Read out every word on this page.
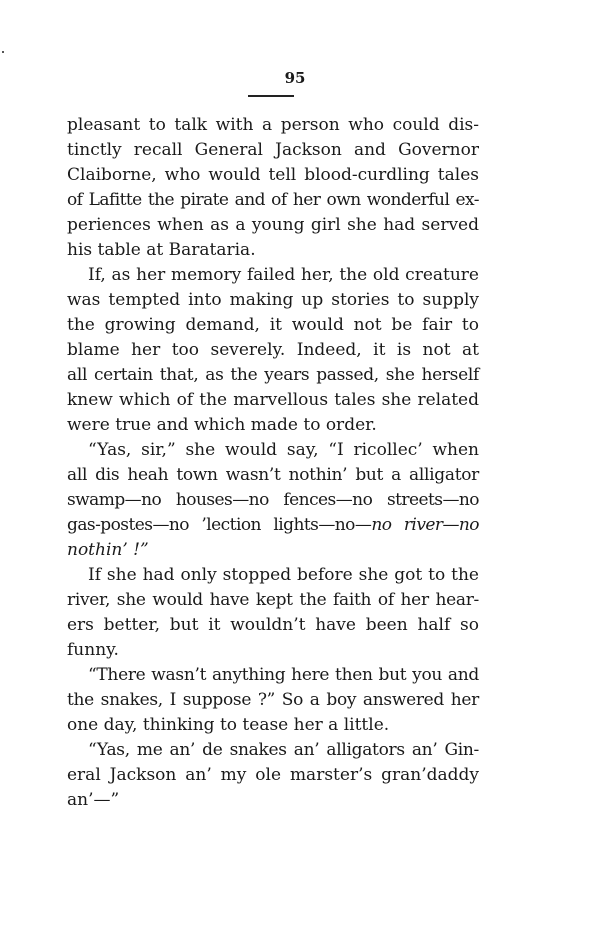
95
pleasant to talk with a person who could dis-
tinctly recall General Jackson and Governor
Claiborne, who would tell blood-curdling tales
of Lafitte the pirate and of her own wonderful ex-
periences when as a young girl she had served
his table at Barataria.
If, as her memory failed her, the old creature
was tempted into making up stories to supply
the growing demand, it would not be fair to
blame her too severely. Indeed, it is not at
all certain that, as the years passed, she herself
knew which of the marvellous tales she related
were true and which made to order.
“Yas, sir,” she would say, “I ricollec’ when
all dis heah town wasn’t nothin’ but a alligator
swamp—no houses—no fences—no streets—no
gas-postes—no ’lection lights—no—no river—no
nothin’ !”
If she had only stopped before she got to the
river, she would have kept the faith of her hear-
ers better, but it wouldn’t have been half so
funny.
“There wasn’t anything here then but you and
the snakes, I suppose ?” So a boy answered her
one day, thinking to tease her a little.
“Yas, me an’ de snakes an’ alligators an’ Gin-
eral Jackson an’ my ole marster’s gran’daddy
an’—”
